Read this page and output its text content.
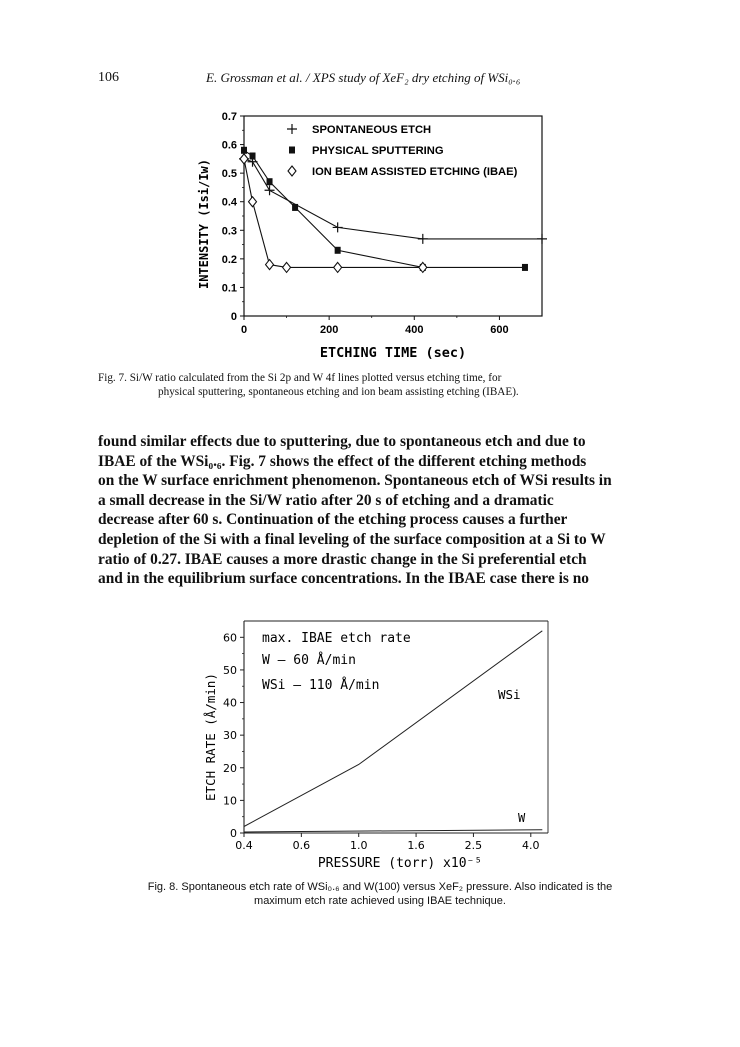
106	E. Grossman et al. / XPS study of XeF₂ dry etching of WSi₀.₆
0
0.1
0.2
0.3
0.4
0.5
0.6
0.7
0	200	400	600
ETCHING TIME (sec)
INTENSITY (Isi/Iw)
SPONTANEOUS ETCH
PHYSICAL SPUTTERING
ION BEAM ASSISTED ETCHING (IBAE)
Fig. 7. Si/W ratio calculated from the Si 2p and W 4f lines plotted versus etching time, for
physical sputtering, spontaneous etching and ion beam assisting etching (IBAE).

found similar effects due to sputtering, due to spontaneous etch and due to

IBAE of the WSi₀.₆. Fig. 7 shows the effect of the different etching methods

on the W surface enrichment phenomenon. Spontaneous etch of WSi results in

a small decrease in the Si/W ratio after 20 s of etching and a dramatic

decrease after 60 s. Continuation of the etching process causes a further

depletion of the Si with a final leveling of the surface composition at a Si to W

ratio of 0.27. IBAE causes a more drastic change in the Si preferential etch

and in the equilibrium surface concentrations. In the IBAE case there is no

0
10
20
30
40
50
60
0.4	0.6	1.0	1.6	2.5	4.0
ETCH RATE (Å/min)
PRESSURE (torr) x10⁻⁵
WSi
W
max. IBAE etch rate
W – 60 Å/min
WSi – 110 Å/min
Fig. 8. Spontaneous etch rate of WSi₀.₆ and W(100) versus XeF₂ pressure. Also indicated is the
maximum etch rate achieved using IBAE technique.
